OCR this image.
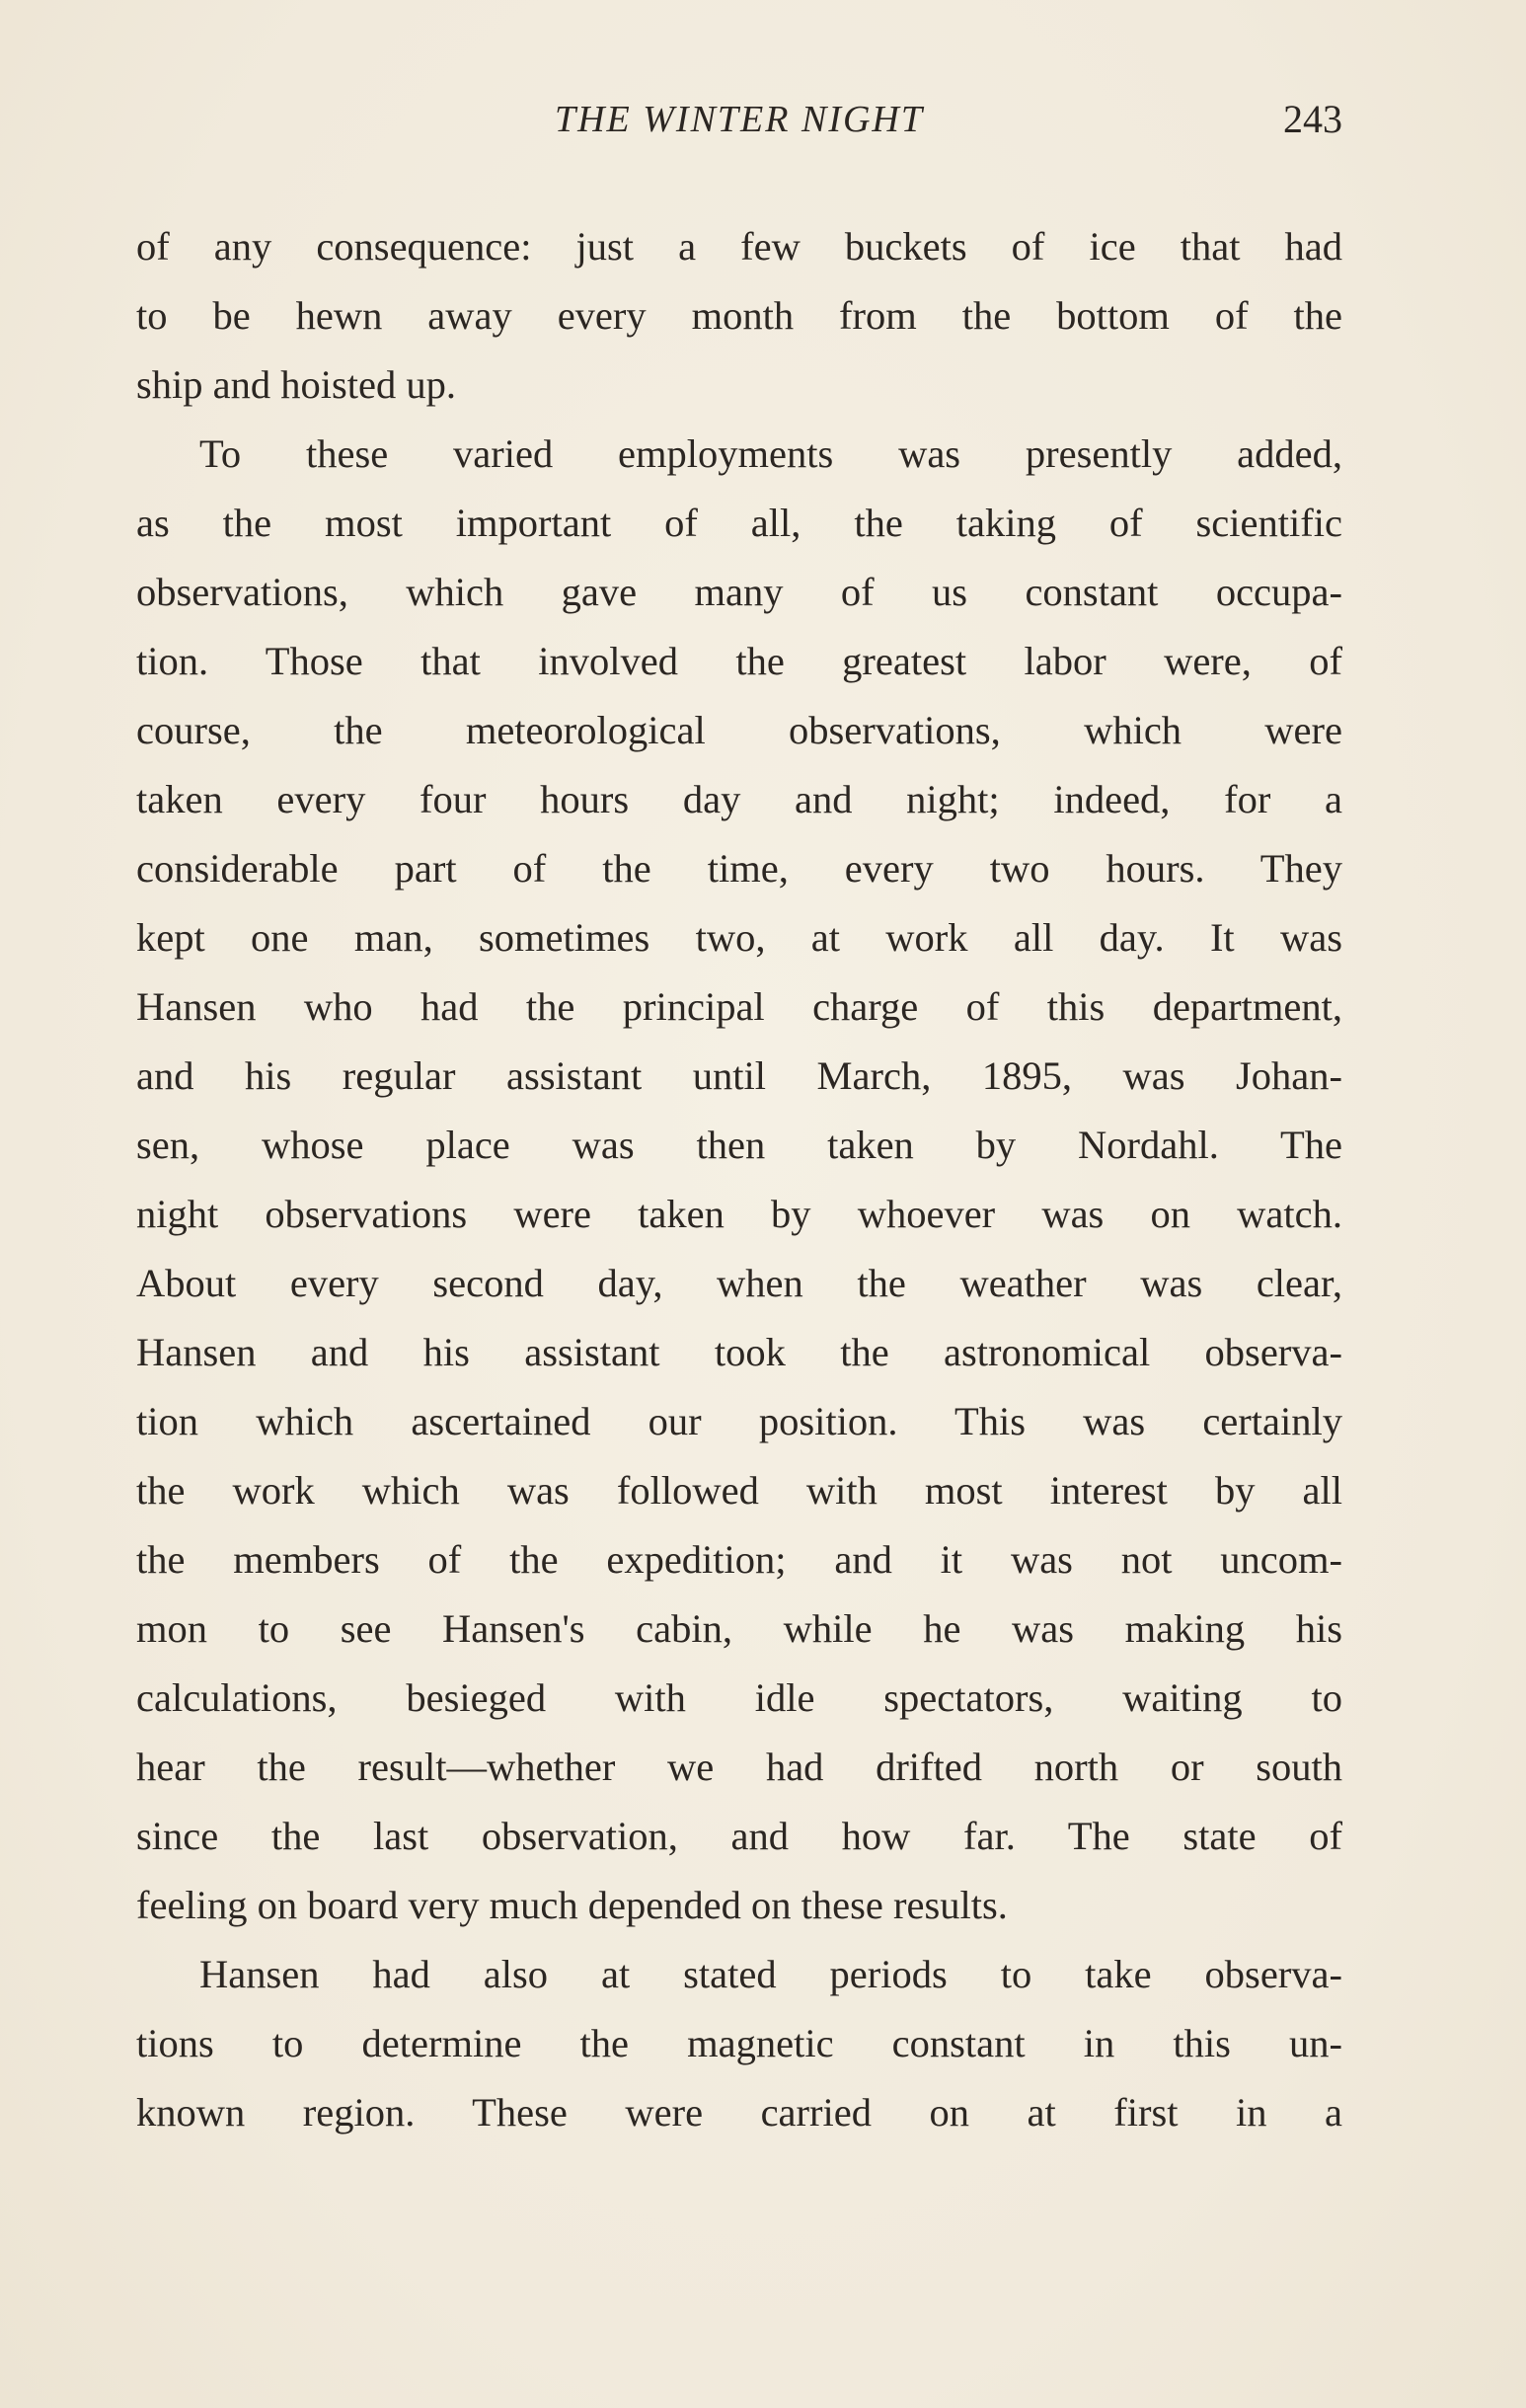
THE WINTER NIGHT	243
of any consequence: just a few buckets of ice that had
to be hewn away every month from the bottom of the
ship and hoisted up.
To these varied employments was presently added,
as the most important of all, the taking of scientific
observations, which gave many of us constant occupa-
tion. Those that involved the greatest labor were, of
course, the meteorological observations, which were
taken every four hours day and night; indeed, for a
considerable part of the time, every two hours. They
kept one man, sometimes two, at work all day. It was
Hansen who had the principal charge of this department,
and his regular assistant until March, 1895, was Johan-
sen, whose place was then taken by Nordahl. The
night observations were taken by whoever was on watch.
About every second day, when the weather was clear,
Hansen and his assistant took the astronomical observa-
tion which ascertained our position. This was certainly
the work which was followed with most interest by all
the members of the expedition; and it was not uncom-
mon to see Hansen's cabin, while he was making his
calculations, besieged with idle spectators, waiting to
hear the result—whether we had drifted north or south
since the last observation, and how far. The state of
feeling on board very much depended on these results.
Hansen had also at stated periods to take observa-
tions to determine the magnetic constant in this un-
known region. These were carried on at first in a
